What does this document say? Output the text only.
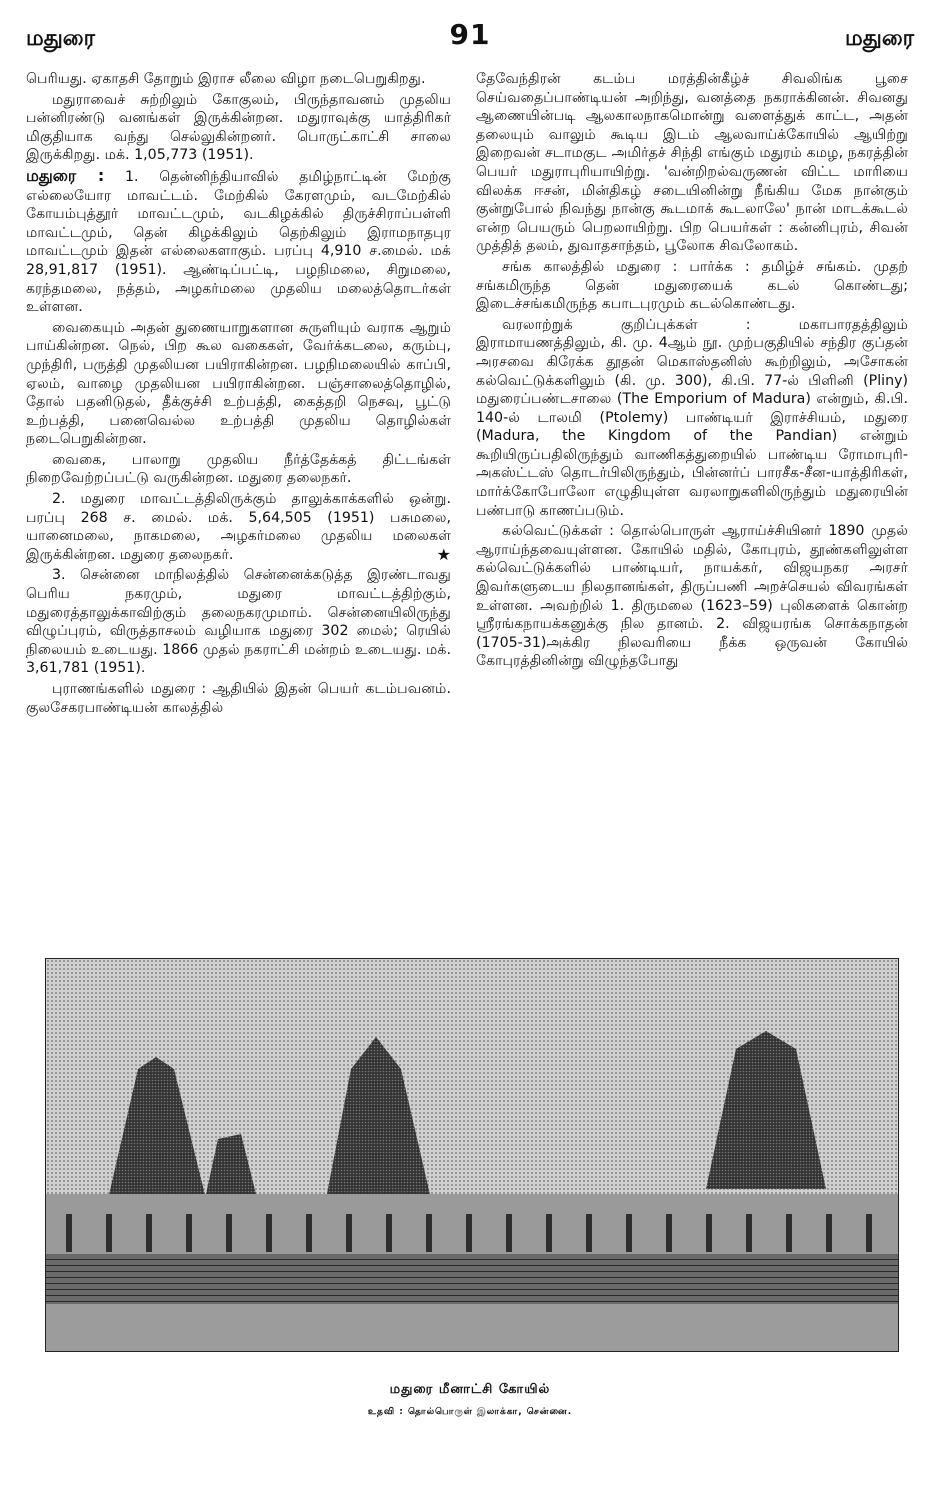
மதுரை	91	மதுரை

பெரியது. ஏகாதசி தோறும் இராச லீலை விழா நடைபெறுகிறது.

மதுராவைச் சுற்றிலும் கோகுலம், பிருந்தாவனம் முதலிய பன்னிரண்டு வனங்கள் இருக்கின்றன. மதுராவுக்கு யாத்திரிகர் மிகுதியாக வந்து செல்லுகின்றனர். பொருட்காட்சி சாலை இருக்கிறது. மக். 1,05,773 (1951).

மதுரை : 1. தென்னிந்தியாவில் தமிழ்நாட்டின் மேற்கு எல்லையோர மாவட்டம். மேற்கில் கேரளமும், வடமேற்கில் கோயம்புத்தூர் மாவட்டமும், வடகிழக்கில் திருச்சிராப்பள்ளி மாவட்டமும், தென் கிழக்கிலும் தெற்கிலும் இராமநாதபுர மாவட்டமும் இதன் எல்லைகளாகும். பரப்பு 4,910 ச.மைல். மக் 28,91,817 (1951). ஆண்டிப்பட்டி, பழநிமலை, சிறுமலை, கரந்தமலை, நத்தம், அழகர்மலை முதலிய மலைத்தொடர்கள் உள்ளன.

வைகையும் அதன் துணையாறுகளான சுருளியும் வராக ஆறும் பாய்கின்றன. நெல், பிற கூல வகைகள், வேர்க்கடலை, கரும்பு, முந்திரி, பருத்தி முதலியன பயிராகின்றன. பழநிமலையில் காப்பி, ஏலம், வாழை முதலியன பயிராகின்றன. பஞ்சாலைத்தொழில், தோல் பதனிடுதல், தீக்குச்சி உற்பத்தி, கைத்தறி நெசவு, பூட்டு உற்பத்தி, பனைவெல்ல உற்பத்தி முதலிய தொழில்கள் நடைபெறுகின்றன.

வைகை, பாலாறு முதலிய நீர்த்தேக்கத் திட்டங்கள் நிறைவேற்றப்பட்டு வருகின்றன. மதுரை தலைநகர்.

2. மதுரை மாவட்டத்திலிருக்கும் தாலுக்காக்களில் ஒன்று. பரப்பு 268 ச. மைல். மக். 5,64,505 (1951) பசுமலை, யானைமலை, நாகமலை, அழகர்மலை முதலிய மலைகள் இருக்கின்றன. மதுரை தலைநகர்.	★

3. சென்னை மாநிலத்தில் சென்னைக்கடுத்த இரண்டாவது பெரிய நகரமும், மதுரை மாவட்டத்திற்கும், மதுரைத்தாலுக்காவிற்கும் தலைநகரமுமாம். சென்னையிலிருந்து விழுப்புரம், விருத்தாசலம் வழியாக மதுரை 302 மைல்; ரெயில் நிலையம் உடையது. 1866 முதல் நகராட்சி மன்றம் உடையது. மக். 3,61,781 (1951).

புராணங்களில் மதுரை : ஆதியில் இதன் பெயர் கடம்பவனம். குலசேகரபாண்டியன் காலத்தில்

தேவேந்திரன் கடம்ப மரத்தின்கீழ்ச் சிவலிங்க பூசை செய்வதைப்பாண்டியன் அறிந்து, வனத்தை நகராக்கினன். சிவனது ஆணையின்படி ஆலகாலநாகமொன்று வளைத்துக் காட்ட, அதன் தலையும் வாலும் கூடிய இடம் ஆலவாய்க்கோயில் ஆயிற்று இறைவன் சடாமகுட அமிர்தச் சிந்தி எங்கும் மதுரம் கமழ, நகரத்தின் பெயர் மதுராபுரியாயிற்று. 'வன்றிறல்வருணன் விட்ட மாரியை விலக்க ஈசன், மின்திகழ் சடையினின்று நீங்கிய மேக நான்கும் குன்றுபோல் நிவந்து நான்கு கூடமாக் கூடலாலே' நான் மாடக்கூடல் என்ற பெயரும் பெறலாயிற்று. பிற பெயர்கள் : கன்னிபுரம், சிவன் முத்தித் தலம், துவாதசாந்தம், பூலோக சிவலோகம்.

சங்க காலத்தில் மதுரை : பார்க்க : தமிழ்ச் சங்கம். முதற் சங்கமிருந்த தென் மதுரையைக் கடல் கொண்டது; இடைச்சங்கமிருந்த கபாடபுரமும் கடல்கொண்டது.

வரலாற்றுக் குறிப்புக்கள் : மகாபாரதத்திலும் இராமாயணத்திலும், கி. மு. 4ஆம் நூ. முற்பகுதியில் சந்திர குப்தன் அரசவை கிரேக்க தூதன் மெகாஸ்தனிஸ் கூற்றிலும், அசோகன் கல்வெட்டுக்களிலும் (கி. மு. 300), கி.பி. 77-ல் பிளினி (Pliny) மதுரைப்பண்டசாலை (The Emporium of Madura) என்றும், கி.பி. 140-ல் டாலமி (Ptolemy) பாண்டியர் இராச்சியம், மதுரை (Madura, the Kingdom of the Pandian) என்றும் கூறியிருப்பதிலிருந்தும் வாணிகத்துறையில் பாண்டிய ரோமாபுரி-அகஸ்ட்டஸ் தொடர்பிலிருந்தும், பின்னர்ப் பாரசீக-சீன-யாத்திரிகள், மார்க்கோபோலோ எழுதியுள்ள வரலாறுகளிலிருந்தும் மதுரையின் பண்பாடு காணப்படும்.

கல்வெட்டுக்கள் : தொல்பொருள் ஆராய்ச்சியினர் 1890 முதல் ஆராய்ந்தவையுள்ளன. கோயில் மதில், கோபுரம், தூண்களிலுள்ள கல்வெட்டுக்களில் பாண்டியர், நாயக்கர், விஜயநகர அரசர் இவர்களுடைய நிலதானங்கள், திருப்பணி அறச்செயல் விவரங்கள் உள்ளன. அவற்றில் 1. திருமலை (1623–59) புலிகளைக் கொன்ற ஸ்ரீரங்கநாயக்கனுக்கு நில தானம். 2. விஜயரங்க சொக்கநாதன் (1705-31)அக்கிர நிலவரியை நீக்க ஒருவன் கோயில் கோபுரத்தினின்று விழுந்தபோது

மதுரை மீனாட்சி கோயில்
உதவி : தொல்பொருள் இலாக்கா, சென்னை.
